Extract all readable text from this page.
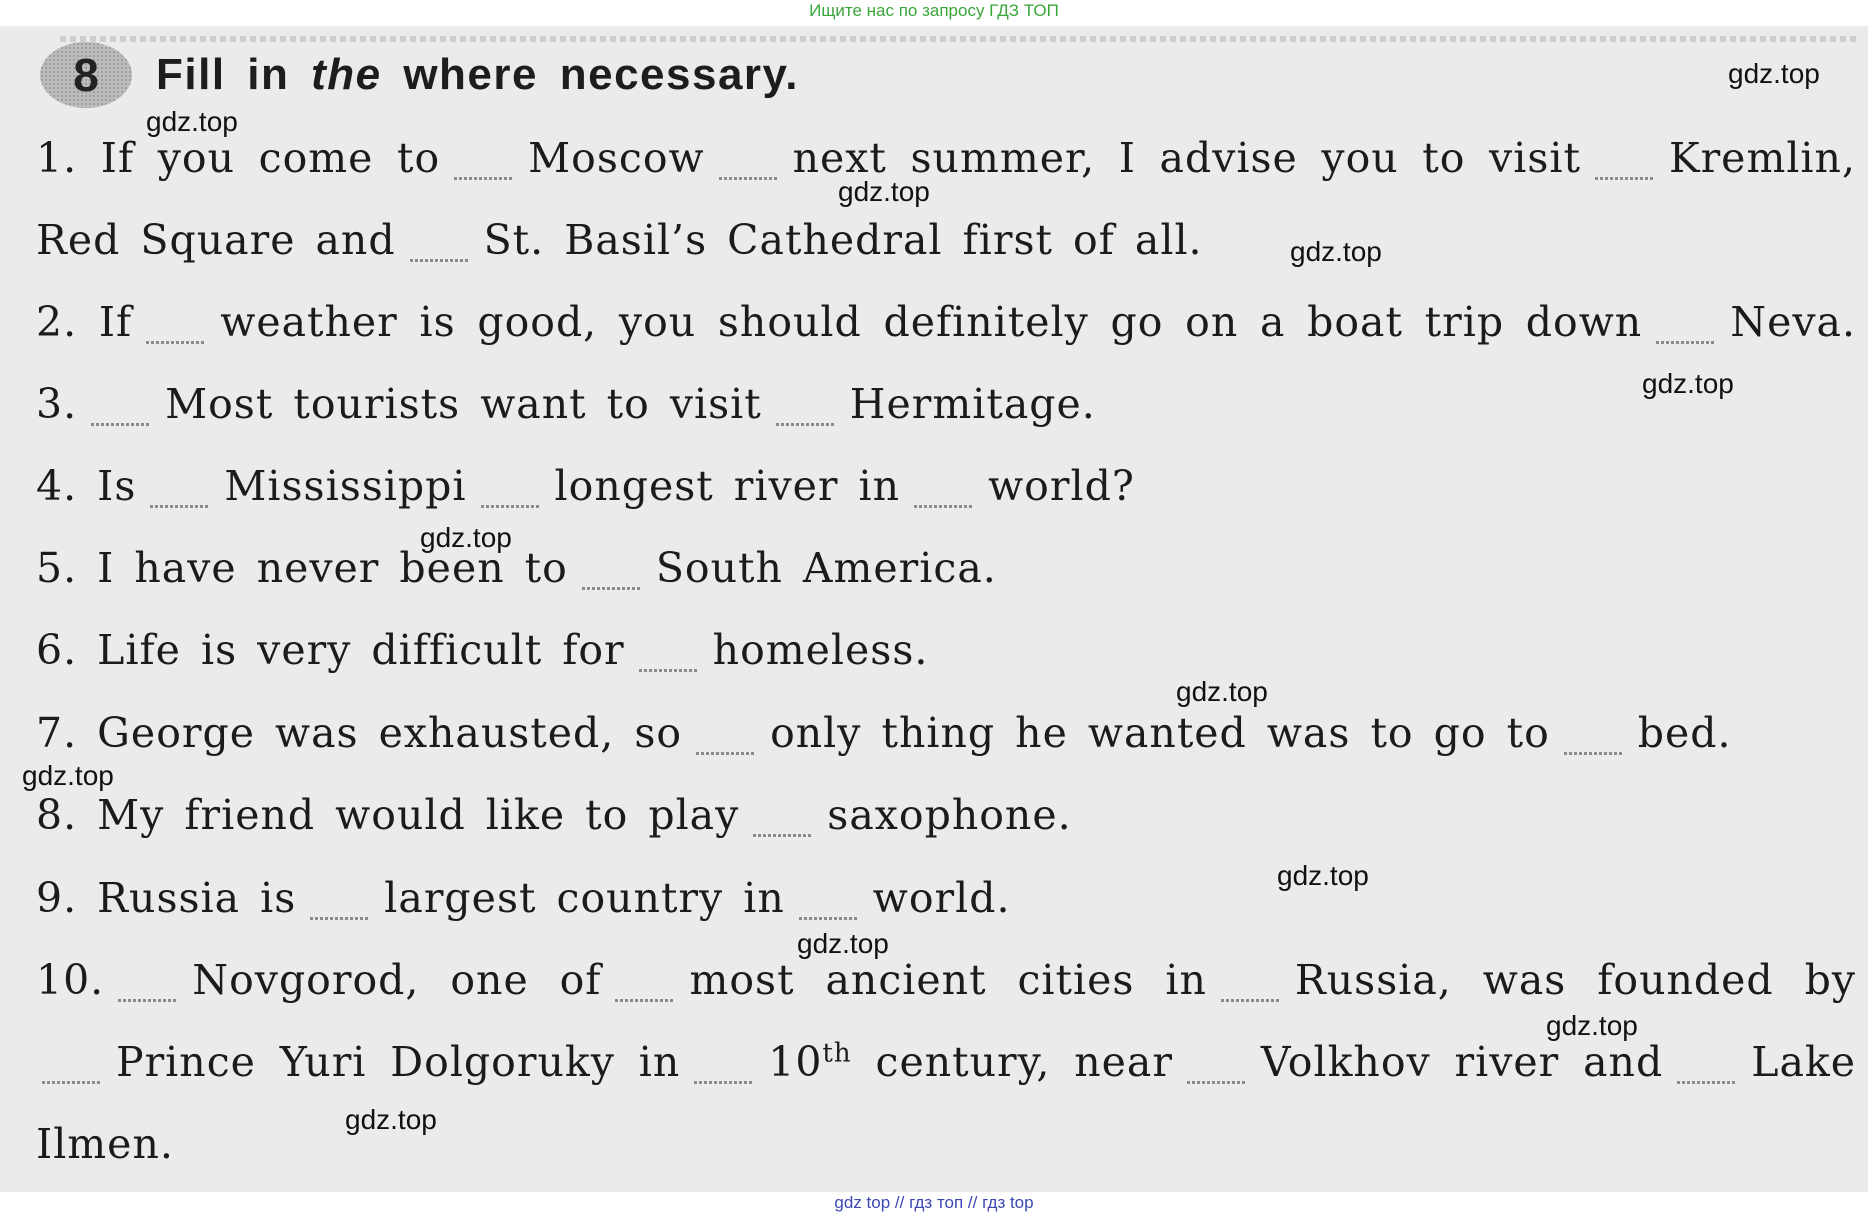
Ищите нас по запросу ГДЗ ТОП
8	Fill in the where necessary.
1. If you come to Moscow next summer, I advise you to visit Kremlin,
Red Square and St. Basil’s Cathedral first of all.
2. If weather is good, you should definitely go on a boat trip down Neva.
3. Most tourists want to visit Hermitage.
4. Is Mississippi longest river in world?
5. I have never been to South America.
6. Life is very difficult for homeless.
7. George was exhausted, so only thing he wanted was to go to bed.
8. My friend would like to play saxophone.
9. Russia is largest country in world.
10. Novgorod, one of most ancient cities in Russia, was founded by
Prince Yuri Dolgoruky in 10th century, near Volkhov river and Lake
Ilmen.
gdz.top
gdz.top
gdz.top
gdz.top
gdz.top
gdz.top
gdz.top
gdz.top
gdz.top
gdz.top
gdz.top
gdz.top
gdz top // гдз топ // гдз top
